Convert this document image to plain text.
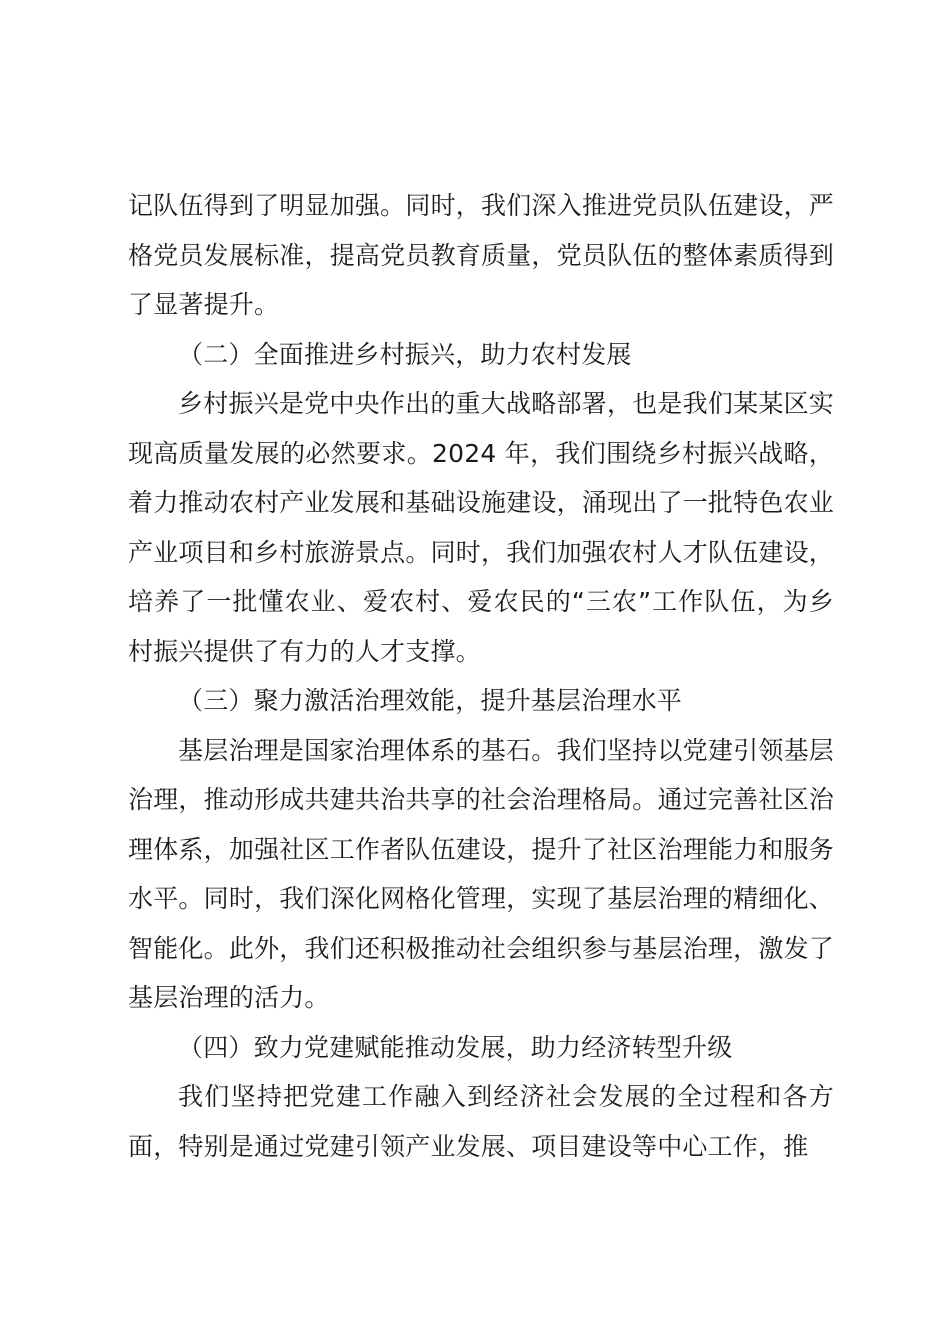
记队伍得到了明显加强。同时，我们深入推进党员队伍建设，严格党员发展标准，提高党员教育质量，党员队伍的整体素质得到了显著提升。

（二）全面推进乡村振兴，助力农村发展

乡村振兴是党中央作出的重大战略部署，也是我们某某区实现高质量发展的必然要求。2024 年，我们围绕乡村振兴战略，着力推动农村产业发展和基础设施建设，涌现出了一批特色农业产业项目和乡村旅游景点。同时，我们加强农村人才队伍建设，培养了一批懂农业、爱农村、爱农民的“三农”工作队伍，为乡村振兴提供了有力的人才支撑。

（三）聚力激活治理效能，提升基层治理水平

基层治理是国家治理体系的基石。我们坚持以党建引领基层治理，推动形成共建共治共享的社会治理格局。通过完善社区治理体系，加强社区工作者队伍建设，提升了社区治理能力和服务水平。同时，我们深化网格化管理，实现了基层治理的精细化、智能化。此外，我们还积极推动社会组织参与基层治理，激发了基层治理的活力。

（四）致力党建赋能推动发展，助力经济转型升级

我们坚持把党建工作融入到经济社会发展的全过程和各方面，特别是通过党建引领产业发展、项目建设等中心工作，推
